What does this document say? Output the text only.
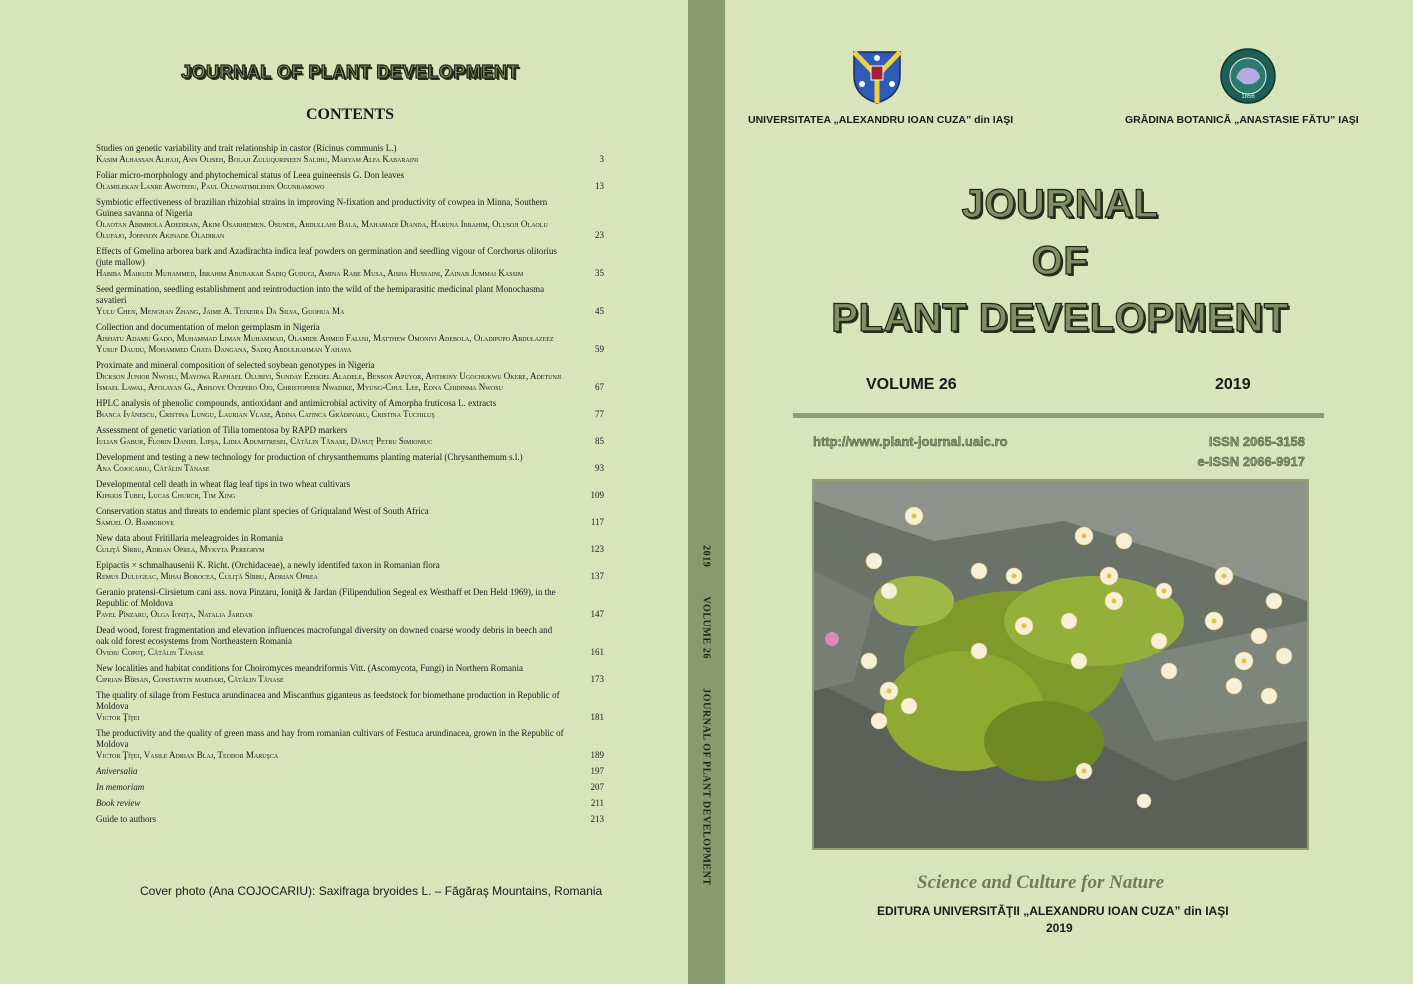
JOURNAL OF PLANT DEVELOPMENT
CONTENTS
Studies on genetic variability and trait relationship in castor (Ricinus communis L.)
Kasim Alhassan Alhaji, Ann Oliseh, Bolaji Zuluqurineen Salihu, Maryam Alfa Kabaraini	3
Foliar micro-morphology and phytochemical status of Leea guineensis G. Don leaves
Olamilekan Lanre Awotedu, Paul Oluwatimilehin Ogunbamowo	13
Symbiotic effectiveness of brazilian rhizobial strains in improving N-fixation and productivity of cowpea in Minna, Southern Guinea savanna of Nigeria
Olaotan Abimbola Adediran, Akim Osarhiemen. Osunde, Abdullahi Bala, Mahamadi Dianda, Haruna Ibrahim, Olusoji Olaolu Olufajo, Johnson Akinade Oladiran	23
Effects of Gmelina arborea bark and Azadirachta indica leaf powders on germination and seedling vigour of Corchorus olitorius (jute mallow)
Habiba Maikudi Muhammed, Ibrahim Abubakar Sadiq Gudugi, Amina Rabe Musa, Aisha Hussaini, Zainab Jummai Kassim	35
Seed germination, seedling establishment and reintroduction into the wild of the hemiparasitic medicinal plant Monochasma savatieri
Yulu Chen, Menghan Zhang, Jaime A. Teixeira Da Silva, Guohua Ma	45
Collection and documentation of melon germplasm in Nigeria
Aishatu Adamu Gado, Muhammad Liman Muhammad, Olamide Ahmed Falusi, Matthew Omoniyi Adebola, Oladipupo Abdulazeez Yusuf Daudu, Mohammed Chata Dangana, Sadiq Abdulrahman Yahaya	59
Proximate and mineral composition of selected soybean genotypes in Nigeria
Dickson Junior Nwosu, Mayowa Raphael Olubiyi, Sunday Ezekiel Aladele, Benson Apuyor, Anthony Ugochukwu Okere, Adetunji Ismael Lawal, Afolayan G., Abisoye Oyepero Ojo, Christopher Nwadike, Myung-Chul Lee, Edna Chidinma Nwosu	67
HPLC analysis of phenolic compounds, antioxidant and antimicrobial activity of Amorpha fruticosa L. extracts
Bianca Ivănescu, Cristina Lungu, Laurian Vlase, Adina Catinca Grădinaru, Cristina Tuchiluş	77
Assessment of genetic variation of Tilia tomentosa by RAPD markers
Iulian Gabur, Florin Daniel Lipşa, Lidia Adumitresei, Cătălin Tănase, Dănuţ Petru Simioniuc	85
Development and testing a new technology for production of chrysanthemums planting material (Chrysanthemum s.l.)
Ana Cojocariu, Cătălin Tănase	93
Developmental cell death in wheat flag leaf tips in two wheat cultivars
Kipkios Tubei, Lucas Church, Tim Xing	109
Conservation status and threats to endemic plant species of Griqualand West of South Africa
Samuel O. Bamigboye	117
New data about Fritillaria meleagroides in Romania
Culiţă Sîrbu, Adrian Oprea, Mykyta Peregrym	123
Epipactis × schmalhausenii K. Richt. (Orchidaceae), a newly identifed taxon in Romanian flora
Remus Dulugeac, Mihai Bobocea, Culiţă Sîrbu, Adrian Oprea	137
Geranio pratensi-Cirsietum cani ass. nova Pinzaru, Ioniţă & Jardan (Filipendulion Segeal ex Westhaff et Den Held 1969), in the Republic of Moldova
Pavel Pînzaru, Olga Ioniţa, Natalia Jardan	147
Dead wood, forest fragmentation and elevation influences macrofungal diversity on downed coarse woody debris in beech and oak old forest ecosystems from Northeastern Romania
Ovidiu Copoţ, Cătălin Tănase	161
New localities and habitat conditions for Choiromyces meandriformis Vitt. (Ascomycota, Fungi) in Northern Romania
Ciprian Bîrsan, Constantin mardari, Cătălin Tănase	173
The quality of silage from Festuca arundinacea and Miscanthus giganteus as feedstock for biomethane production in Republic of Moldova
Victor Ţîţei	181
The productivity and the quality of green mass and hay from romanian cultivars of Festuca arundinacea, grown in the Republic of Moldova
Victor Ţîţei, Vasile Adrian Blaj, Teodor Maruşca	189
Aniversalia	197
In memoriam	207
Book review	211
Guide to authors	213
Cover photo (Ana COJOCARIU): Saxifraga bryoides L. – Făgăraş Mountains, Romania
2019 VOLUME 26 JOURNAL OF PLANT DEVELOPMENT
1856
UNIVERSITATEA „ALEXANDRU IOAN CUZA” din IAŞI	GRĂDINA BOTANICĂ „ANASTASIE FĂTU” IAŞI
JOURNAL
OF
PLANT DEVELOPMENT
VOLUME 26	2019
http://www.plant-journal.uaic.ro	ISSN 2065-3158
e-ISSN 2066-9917
Science and Culture for Nature
EDITURA UNIVERSITĂŢII „ALEXANDRU IOAN CUZA” din IAŞI
2019
